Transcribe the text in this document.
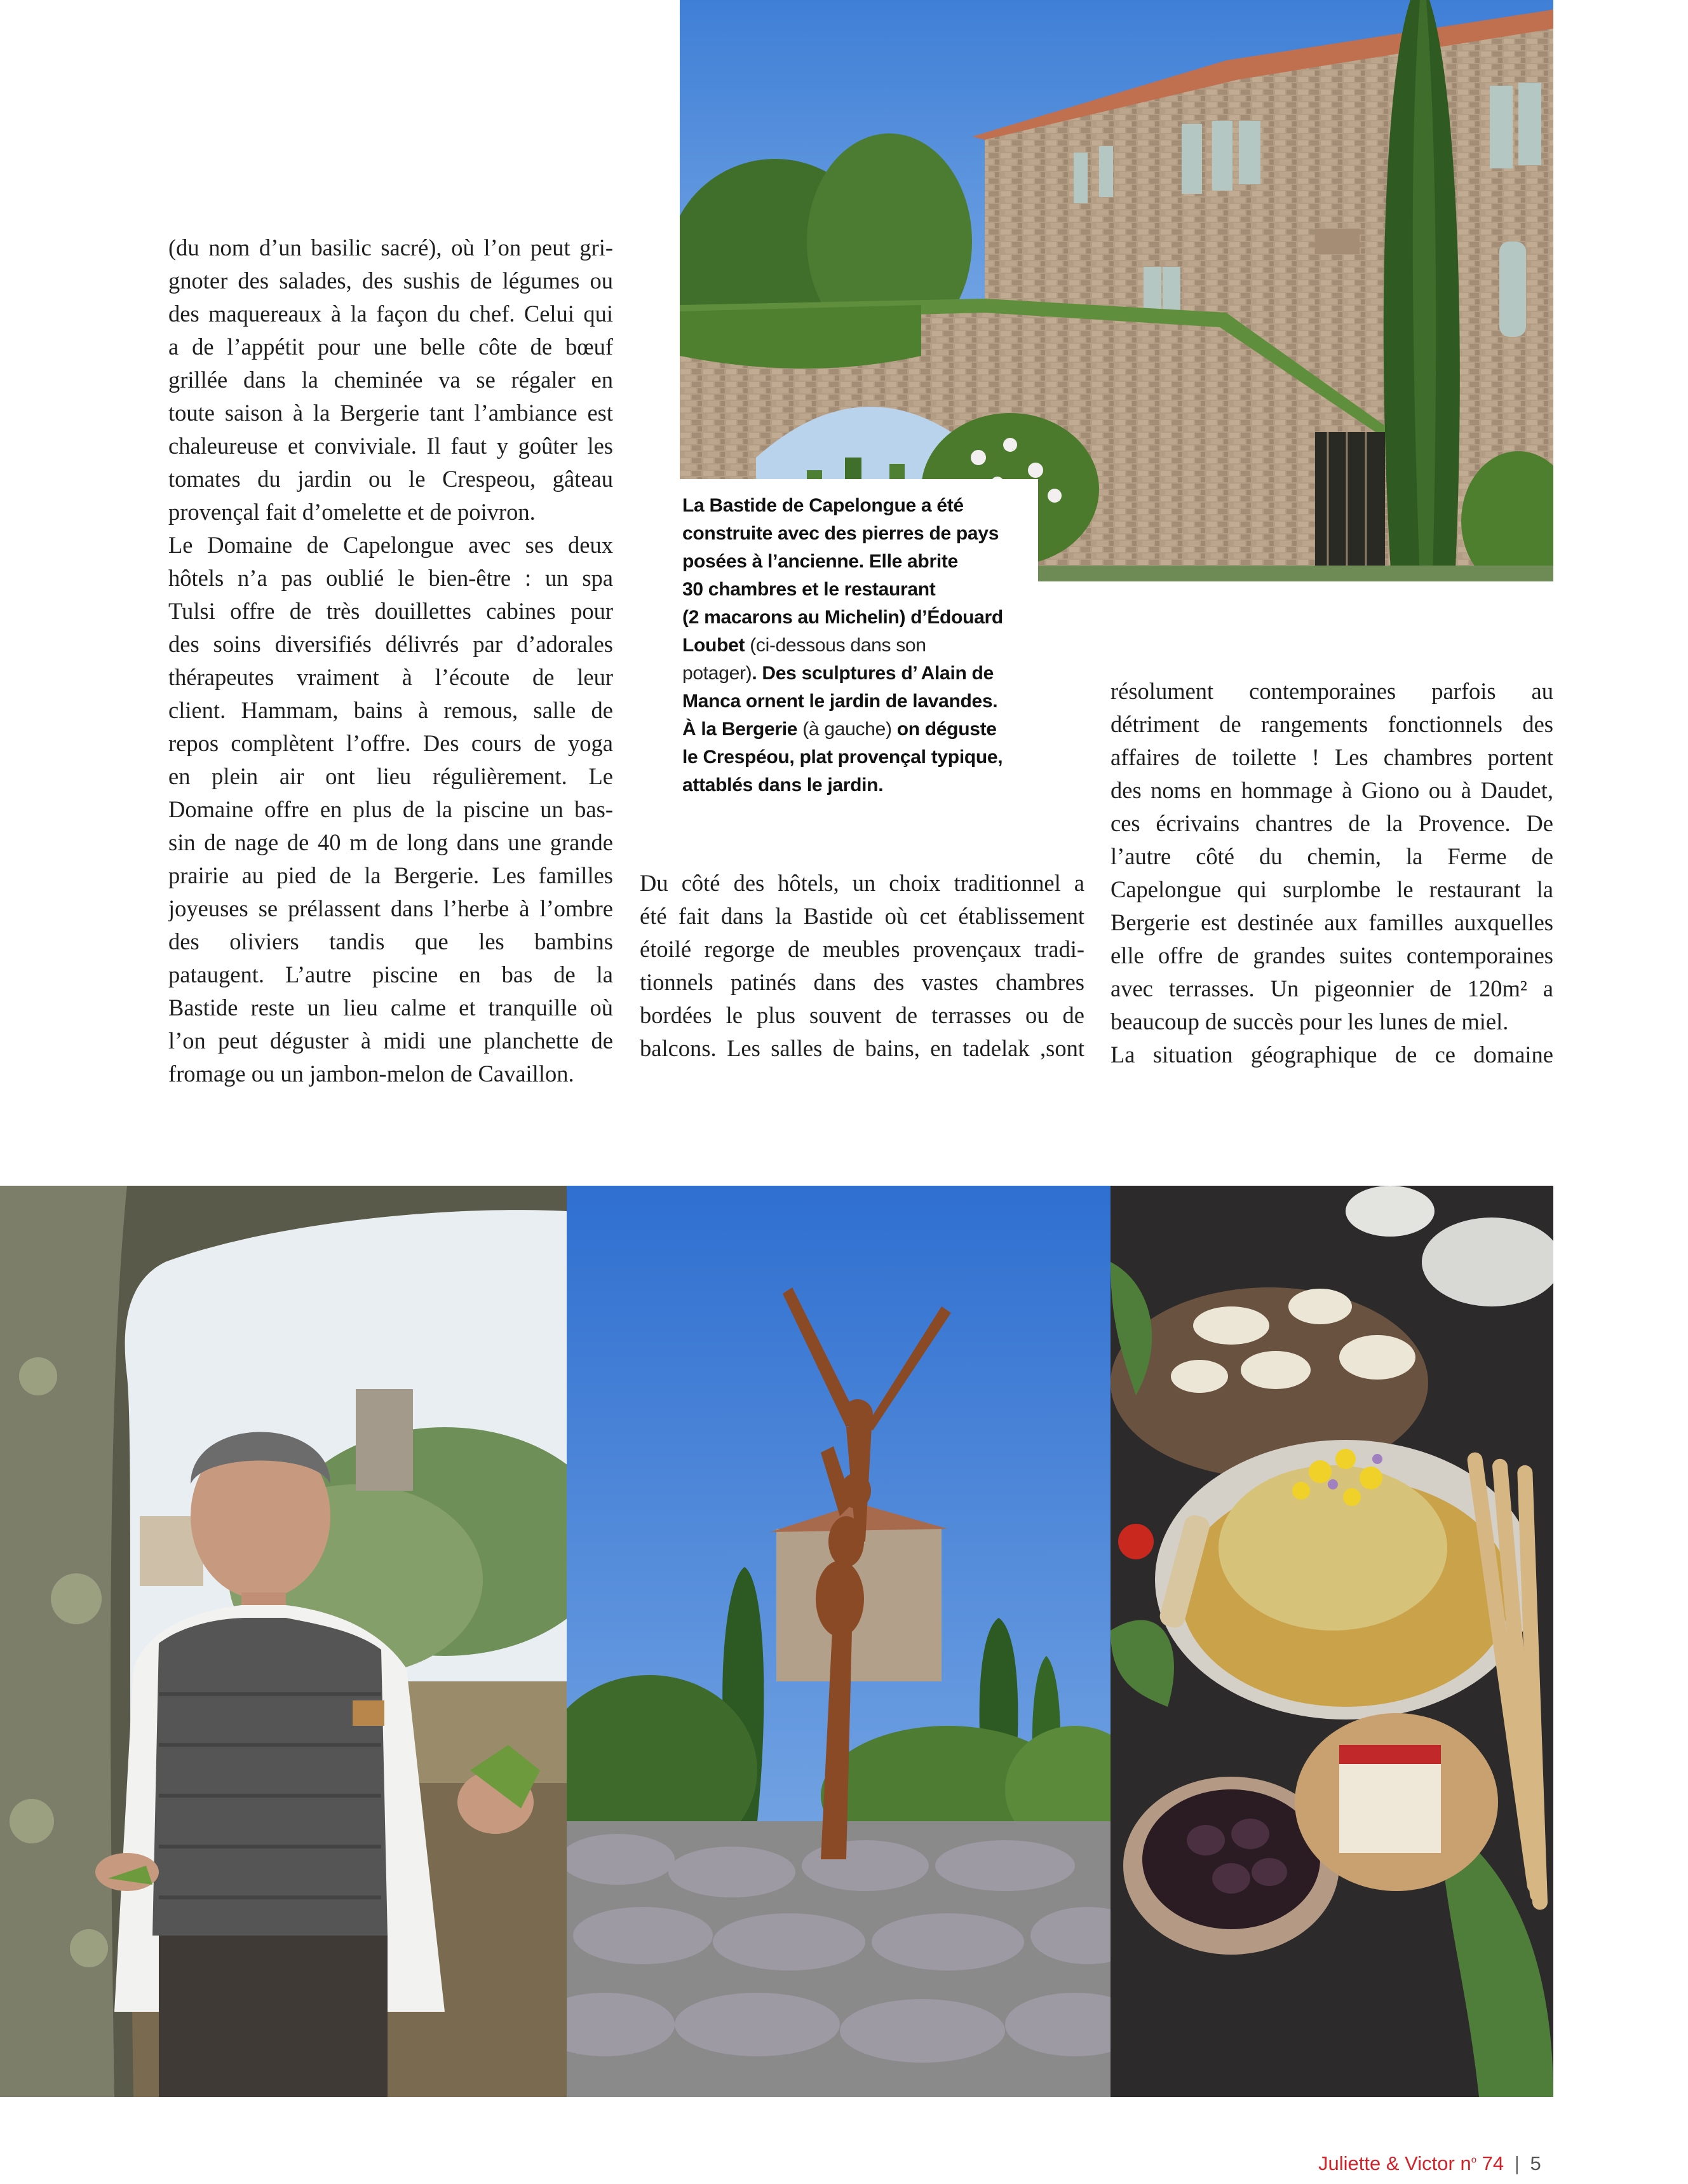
La Bastide de Capelongue a été
construite avec des pierres de pays
posées à l’ancienne. Elle abrite
30 chambres et le restaurant
(2 macarons au Michelin) d’Édouard
Loubet (ci-dessous dans son
potager). Des sculptures d’ Alain de
Manca ornent le jardin de lavandes.
À la Bergerie (à gauche) on déguste
le Crespéou, plat provençal typique,
attablés dans le jardin.
(du nom d’un basilic sacré), où l’on peut gri-
gnoter des salades, des sushis de légumes ou
des maquereaux à la façon du chef. Celui qui
a de l’appétit pour une belle côte de bœuf
grillée dans la cheminée va se régaler en
toute saison à la Bergerie tant l’ambiance est
chaleureuse et conviviale. Il faut y goûter les
tomates du jardin ou le Crespeou, gâteau
provençal fait d’omelette et de poivron.
Le Domaine de Capelongue avec ses deux
hôtels n’a pas oublié le bien-être : un spa
Tulsi offre de très douillettes cabines pour
des soins diversifiés délivrés par d’adorales
thérapeutes vraiment à l’écoute de leur
client. Hammam, bains à remous, salle de
repos complètent l’offre. Des cours de yoga
en plein air ont lieu régulièrement. Le
Domaine offre en plus de la piscine un bas-
sin de nage de 40 m de long dans une grande
prairie au pied de la Bergerie. Les familles
joyeuses se prélassent dans l’herbe à l’ombre
des oliviers tandis que les bambins
pataugent. L’autre piscine en bas de la
Bastide reste un lieu calme et tranquille où
l’on peut déguster à midi une planchette de
fromage ou un jambon-melon de Cavaillon.
Du côté des hôtels, un choix traditionnel a
été fait dans la Bastide où cet établissement
étoilé regorge de meubles provençaux tradi-
tionnels patinés dans des vastes chambres
bordées le plus souvent de terrasses ou de
balcons. Les salles de bains, en tadelak ,sont
résolument contemporaines parfois au
détriment de rangements fonctionnels des
affaires de toilette ! Les chambres portent
des noms en hommage à Giono ou à Daudet,
ces écrivains chantres de la Provence. De
l’autre côté du chemin, la Ferme de
Capelongue qui surplombe le restaurant la
Bergerie est destinée aux familles auxquelles
elle offre de grandes suites contemporaines
avec terrasses. Un pigeonnier de 120m² a
beaucoup de succès pour les lunes de miel.
La situation géographique de ce domaine
Juliette & Victor $n^o$ 74 | 5
